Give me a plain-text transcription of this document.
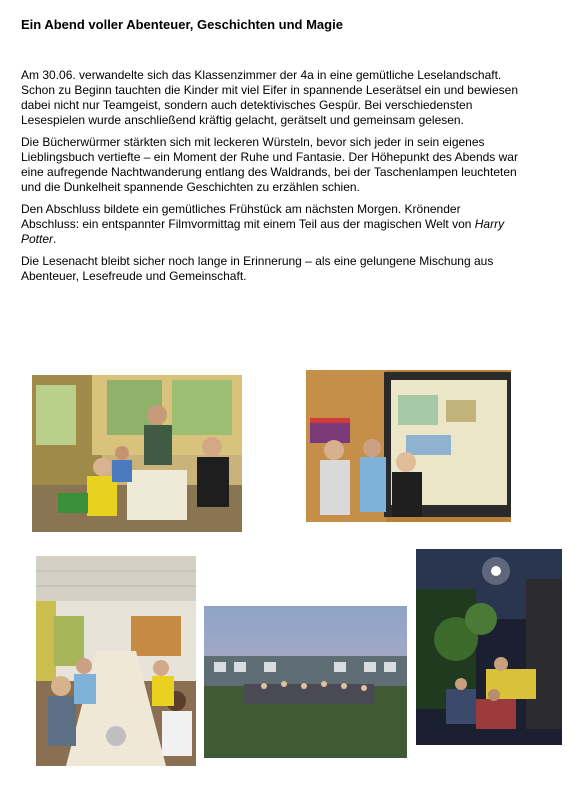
Ein Abend voller Abenteuer, Geschichten und Magie

Am 30.06. verwandelte sich das Klassenzimmer der 4a in eine gemütliche Leselandschaft. Schon zu Beginn tauchten die Kinder mit viel Eifer in spannende Leserätsel ein und bewiesen dabei nicht nur Teamgeist, sondern auch detektivisches Gespür. Bei verschiedensten Lesespielen wurde anschließend kräftig gelacht, gerätselt und gemeinsam gelesen.

Die Bücherwürmer stärkten sich mit leckeren Würsteln, bevor sich jeder in sein eigenes Lieblingsbuch vertiefte – ein Moment der Ruhe und Fantasie. Der Höhepunkt des Abends war eine aufregende Nachtwanderung entlang des Waldrands, bei der Taschenlampen leuchteten und die Dunkelheit spannende Geschichten zu erzählen schien.

Den Abschluss bildete ein gemütliches Frühstück am nächsten Morgen. Krönender Abschluss: ein entspannter Filmvormittag mit einem Teil aus der magischen Welt von Harry Potter.

Die Lesenacht bleibt sicher noch lange in Erinnerung – als eine gelungene Mischung aus Abenteuer, Lesefreude und Gemeinschaft.
